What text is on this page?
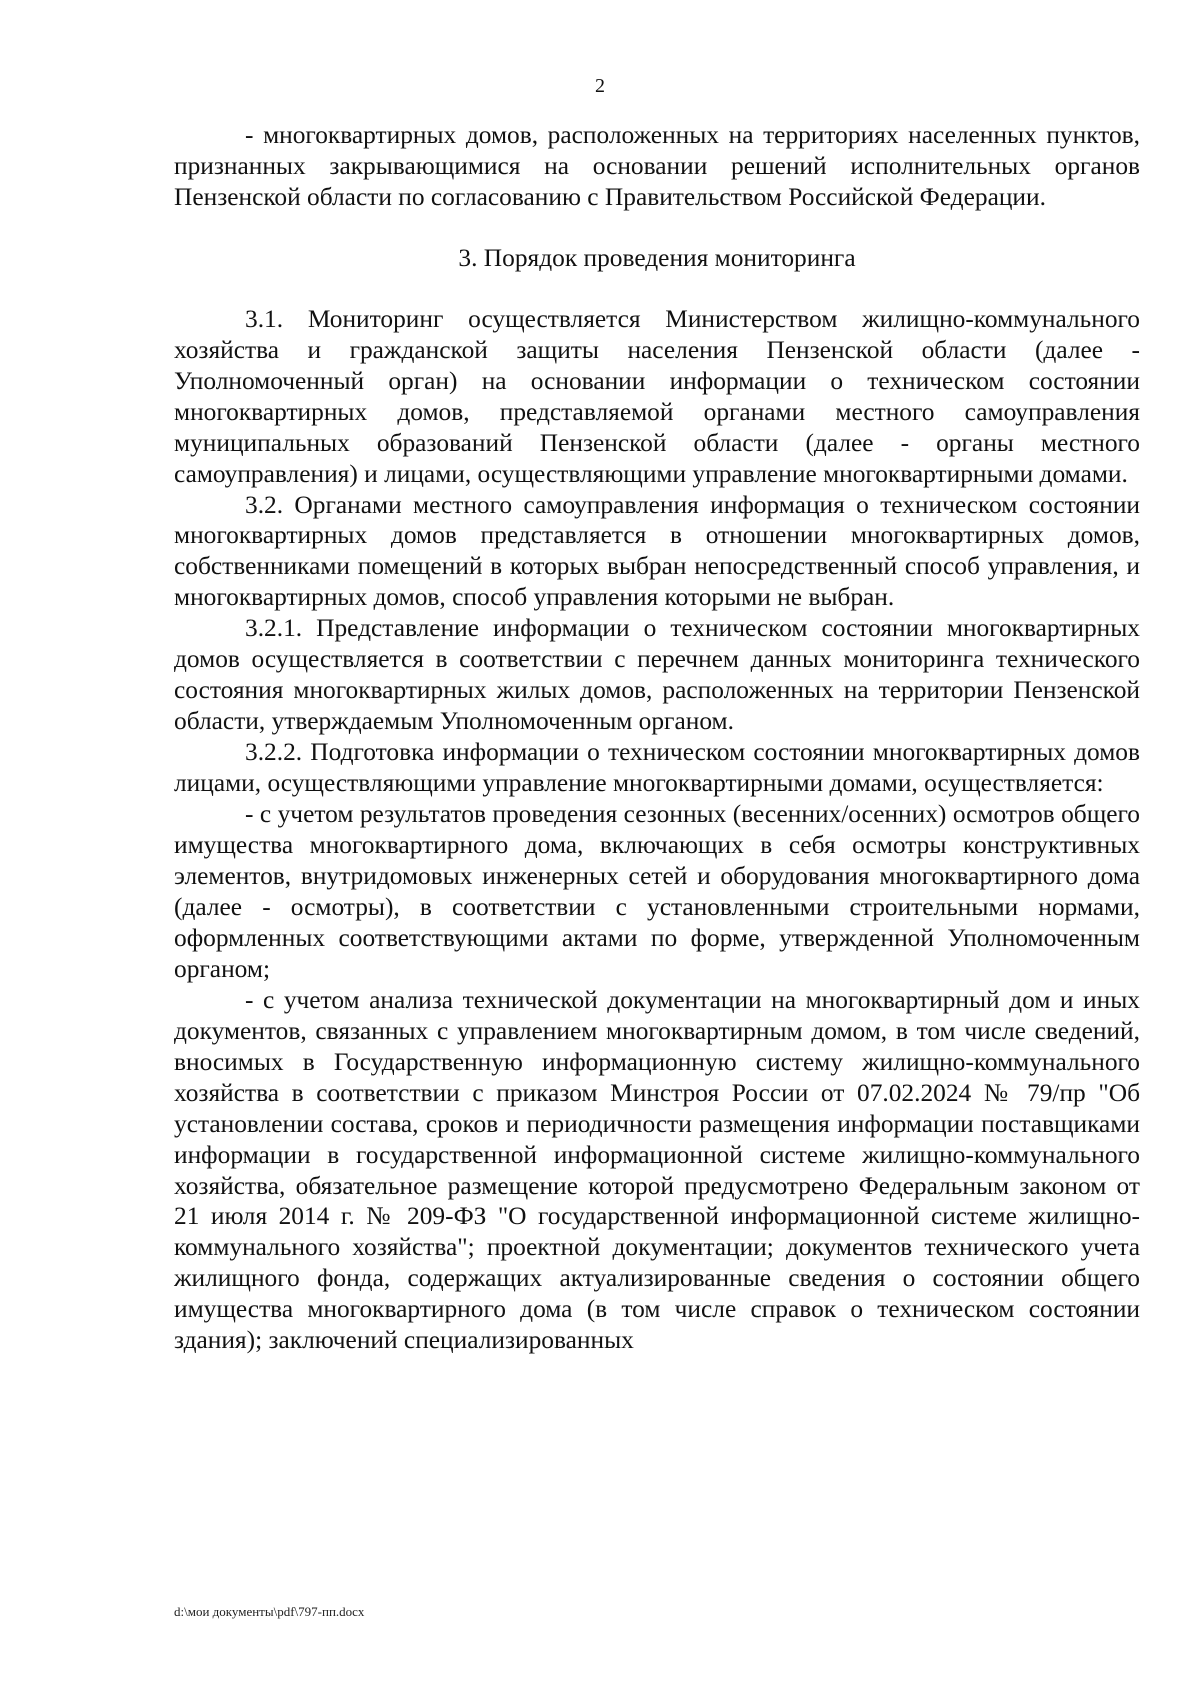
2

- многоквартирных домов, расположенных на территориях населенных пунктов, признанных закрывающимися на основании решений исполнительных органов Пензенской области по согласованию с Правительством Российской Федерации.

3. Порядок проведения мониторинга

3.1. Мониторинг осуществляется Министерством жилищно-коммунального хозяйства и гражданской защиты населения Пензенской области (далее - Уполномоченный орган) на основании информации о техническом состоянии многоквартирных домов, представляемой органами местного самоуправления муниципальных образований Пензенской области (далее - органы местного самоуправления) и лицами, осуществляющими управление многоквартирными домами.

3.2. Органами местного самоуправления информация о техническом состоянии многоквартирных домов представляется в отношении многоквартирных домов, собственниками помещений в которых выбран непосредственный способ управления, и многоквартирных домов, способ управления которыми не выбран.

3.2.1. Представление информации о техническом состоянии многоквартирных домов осуществляется в соответствии с перечнем данных мониторинга технического состояния многоквартирных жилых домов, расположенных на территории Пензенской области, утверждаемым Уполномоченным органом.

3.2.2. Подготовка информации о техническом состоянии многоквартирных домов лицами, осуществляющими управление многоквартирными домами, осуществляется:

- с учетом результатов проведения сезонных (весенних/осенних) осмотров общего имущества многоквартирного дома, включающих в себя осмотры конструктивных элементов, внутридомовых инженерных сетей и оборудования многоквартирного дома (далее - осмотры), в соответствии с установленными строительными нормами, оформленных соответствующими актами по форме, утвержденной Уполномоченным органом;

- с учетом анализа технической документации на многоквартирный дом и иных документов, связанных с управлением многоквартирным домом, в том числе сведений, вносимых в Государственную информационную систему жилищно-коммунального хозяйства в соответствии с приказом Минстроя России от 07.02.2024 № 79/пр "Об установлении состава, сроков и периодичности размещения информации поставщиками информации в государственной информационной системе жилищно-коммунального хозяйства, обязательное размещение которой предусмотрено Федеральным законом от 21 июля 2014 г. № 209-ФЗ "О государственной информационной системе жилищно-коммунального хозяйства"; проектной документации; документов технического учета жилищного фонда, содержащих актуализированные сведения о состоянии общего имущества многоквартирного дома (в том числе справок о техническом состоянии здания); заключений специализированных

d:\мои документы\pdf\797-пп.docx
